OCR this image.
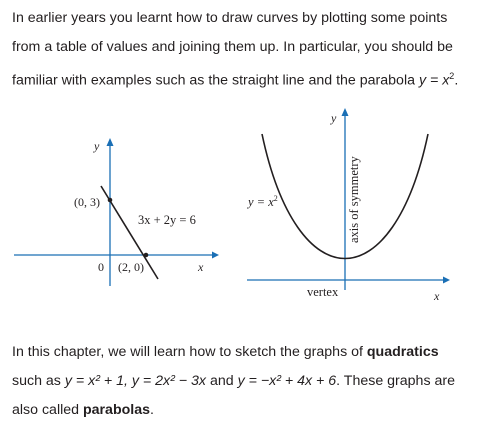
In earlier years you learnt how to draw curves by plotting some points
from a table of values and joining them up. In particular, you should be
familiar with examples such as the straight line and the parabola $y = x^2$.
y
x
(0, 3)
(2, 0)
0
3x + 2y = 6
y
x
$y = x^2$	axis of symmetry
vertex
In this chapter, we will learn how to sketch the graphs of quadratics
such as y = x² + 1, y = 2x² − 3x and y = −x² + 4x + 6. These graphs are
also called parabolas.
